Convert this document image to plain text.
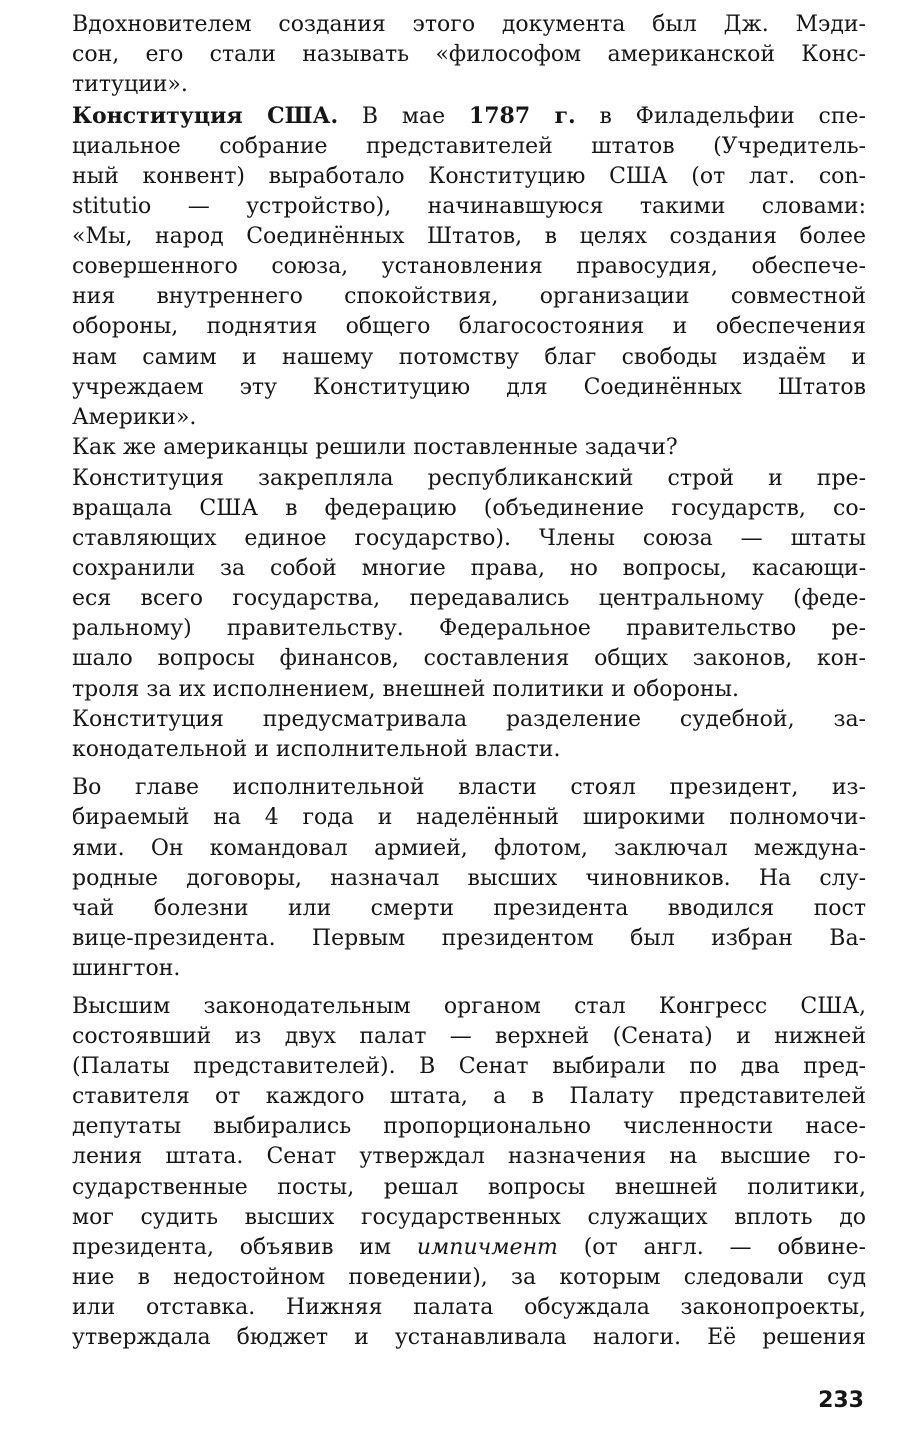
Вдохновителем создания этого документа был Дж. Мэди-
сон, его стали называть «философом американской Конс-
титуции».

Конституция США. В мае 1787 г. в Филадельфии спе-
циальное собрание представителей штатов (Учредитель-
ный конвент) выработало Конституцию США (от лат. con-
stitutio — устройство), начинавшуюся такими словами:
«Мы, народ Соединённых Штатов, в целях создания более
совершенного союза, установления правосудия, обеспече-
ния внутреннего спокойствия, организации совместной
обороны, поднятия общего благосостояния и обеспечения
нам самим и нашему потомству благ свободы издаём и
учреждаем эту Конституцию для Соединённых Штатов
Америки».

Как же американцы решили поставленные задачи?

Конституция закрепляла республиканский строй и пре-
вращала США в федерацию (объединение государств, со-
ставляющих единое государство). Члены союза — штаты
сохранили за собой многие права, но вопросы, касающи-
еся всего государства, передавались центральному (феде-
ральному) правительству. Федеральное правительство ре-
шало вопросы финансов, составления общих законов, кон-
троля за их исполнением, внешней политики и обороны.

Конституция предусматривала разделение судебной, за-
конодательной и исполнительной власти.

Во главе исполнительной власти стоял президент, из-
бираемый на 4 года и наделённый широкими полномочи-
ями. Он командовал армией, флотом, заключал междуна-
родные договоры, назначал высших чиновников. На слу-
чай болезни или смерти президента вводился пост
вице-президента. Первым президентом был избран Ва-
шингтон.

Высшим законодательным органом стал Конгресс США,
состоявший из двух палат — верхней (Сената) и нижней
(Палаты представителей). В Сенат выбирали по два пред-
ставителя от каждого штата, а в Палату представителей
депутаты выбирались пропорционально численности насе-
ления штата. Сенат утверждал назначения на высшие го-
сударственные посты, решал вопросы внешней политики,
мог судить высших государственных служащих вплоть до
президента, объявив им импичмент (от англ. — обвине-
ние в недостойном поведении), за которым следовали суд
или отставка. Нижняя палата обсуждала законопроекты,
утверждала бюджет и устанавливала налоги. Её решения

233
